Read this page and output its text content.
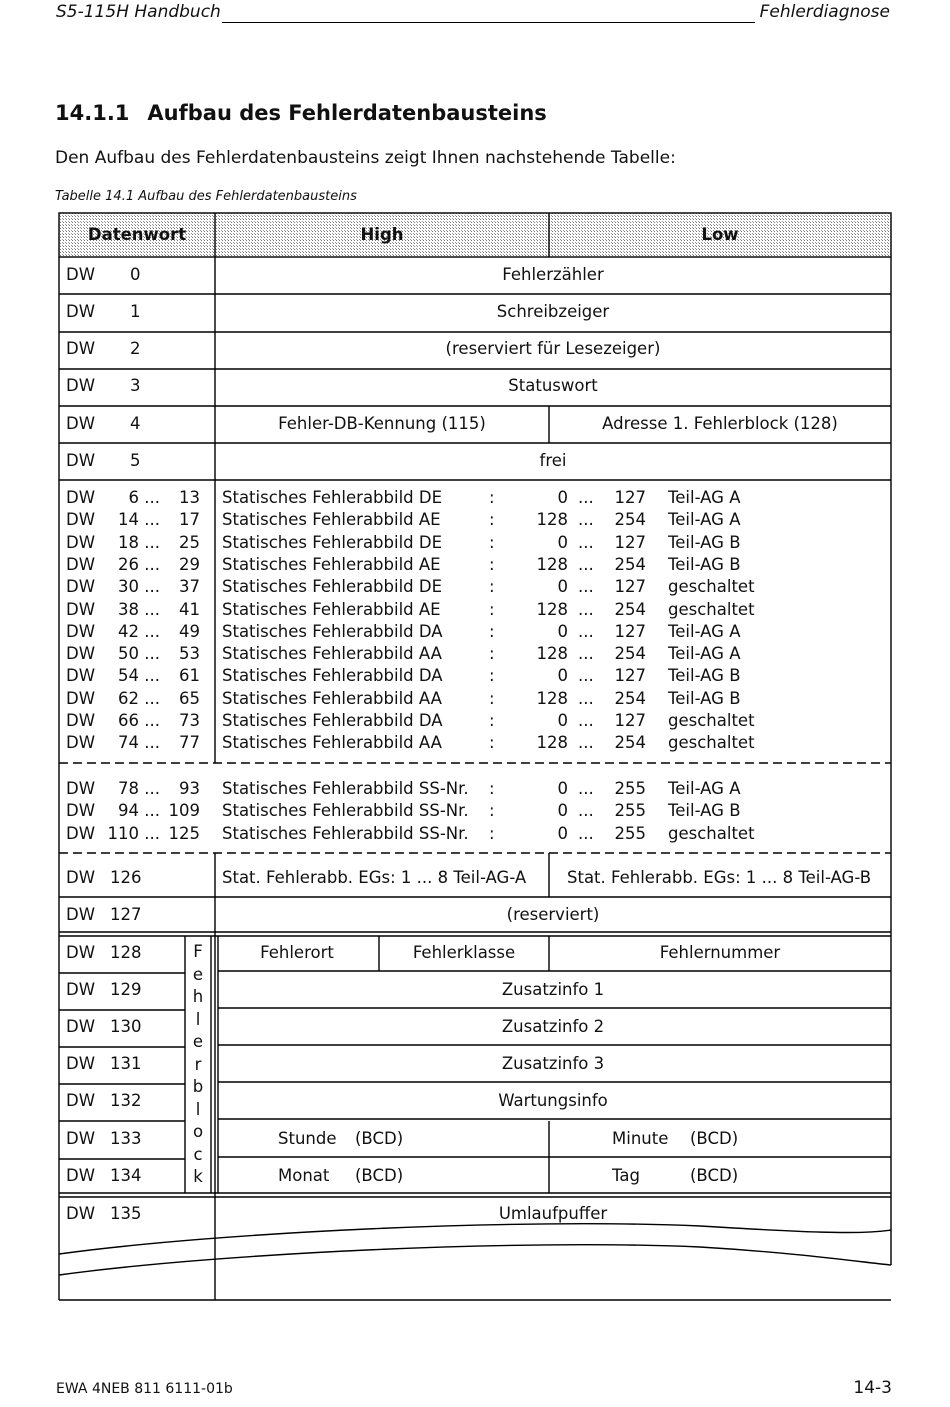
S5-115H Handbuch	Fehlerdiagnose
14.1.1 Aufbau des Fehlerdatenbausteins
Den Aufbau des Fehlerdatenbausteins zeigt Ihnen nachstehende Tabelle:
Tabelle 14.1 Aufbau des Fehlerdatenbausteins
Datenwort	High	Low
DW 0	Fehlerzähler
DW 1	Schreibzeiger
DW 2	(reserviert für Lesezeiger)
DW 3	Statuswort
DW 4	Fehler-DB-Kennung (115)	Adresse 1. Fehlerblock (128)
DW 5	frei
DW 6 ... 13 Statisches Fehlerabbild DE	:	0 ... 127 Teil-AG A
DW 14 ... 17 Statisches Fehlerabbild AE	:	128 ... 254 Teil-AG A
DW 18 ... 25 Statisches Fehlerabbild DE	:	0 ... 127 Teil-AG B
DW 26 ... 29 Statisches Fehlerabbild AE	:	128 ... 254 Teil-AG B
DW 30 ... 37 Statisches Fehlerabbild DE	:	0 ... 127 geschaltet
DW 38 ... 41 Statisches Fehlerabbild AE	:	128 ... 254 geschaltet
DW 42 ... 49 Statisches Fehlerabbild DA	:	0 ... 127 Teil-AG A
DW 50 ... 53 Statisches Fehlerabbild AA	:	128 ... 254 Teil-AG A
DW 54 ... 61 Statisches Fehlerabbild DA	:	0 ... 127 Teil-AG B
DW 62 ... 65 Statisches Fehlerabbild AA	:	128 ... 254 Teil-AG B
DW 66 ... 73 Statisches Fehlerabbild DA	:	0 ... 127 geschaltet
DW 74 ... 77 Statisches Fehlerabbild AA	:	128 ... 254 geschaltet
DW 78 ... 93 Statisches Fehlerabbild SS-Nr. :	0 ... 255 Teil-AG A
DW 94 ... 109 Statisches Fehlerabbild SS-Nr. :	0 ... 255 Teil-AG B
DW 110 ... 125 Statisches Fehlerabbild SS-Nr. :	0 ... 255 geschaltet
DW 126	Stat. Fehlerabb. EGs: 1 ... 8 Teil-AG-A Stat. Fehlerabb. EGs: 1 ... 8 Teil-AG-B
DW 127	(reserviert)
DW 128	Fehlerort	Fehlerklasse	Fehlernummer
DW 129	Zusatzinfo 1
DW 130	Zusatzinfo 2
DW 131	Zusatzinfo 3
DW 132	Wartungsinfo
F
e
h
l
e
r
b
l
o
c
k
DW 133	Stunde (BCD)	Minute (BCD)
DW 134	Monat (BCD)	Tag	(BCD)
DW 135	Umlaufpuffer
EWA 4NEB 811 6111-01b	14-3
